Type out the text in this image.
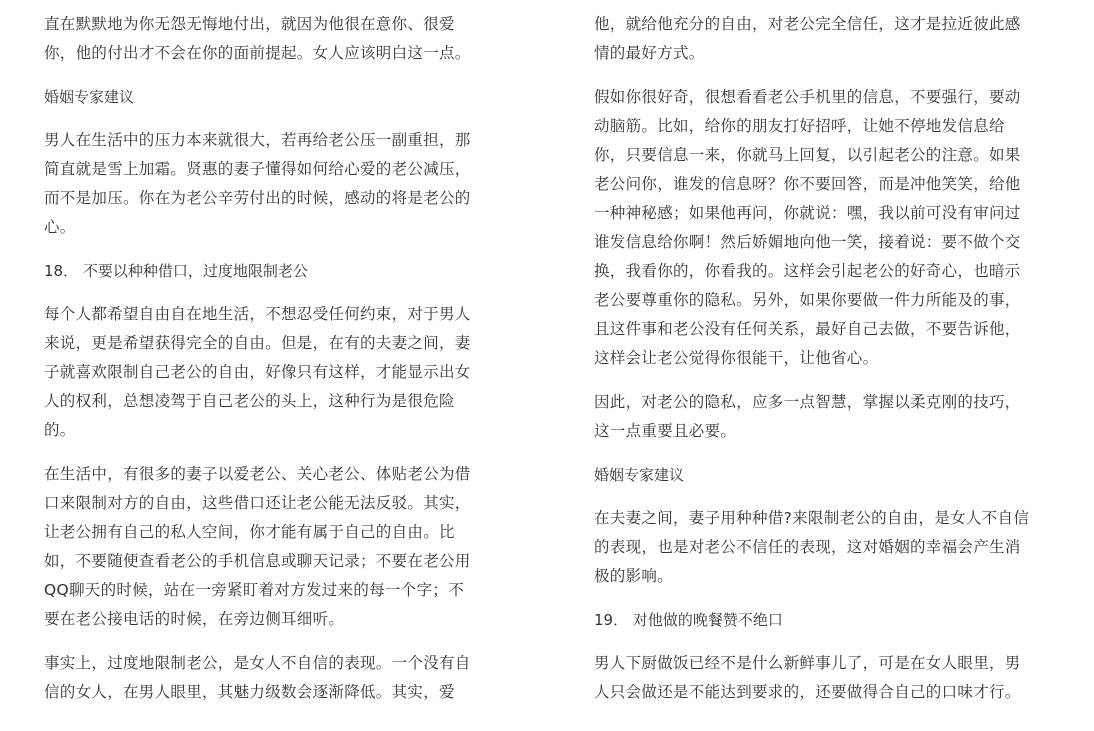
直在默默地为你无怨无悔地付出，就因为他很在意你、很爱
你，他的付出才不会在你的面前提起。女人应该明白这一点。

婚姻专家建议

男人在生活中的压力本来就很大，若再给老公压一副重担，那
简直就是雪上加霜。贤惠的妻子懂得如何给心爱的老公减压，
而不是加压。你在为老公辛劳付出的时候，感动的将是老公的
心。

18． 不要以种种借口，过度地限制老公

每个人都希望自由自在地生活，不想忍受任何约束，对于男人
来说，更是希望获得完全的自由。但是，在有的夫妻之间，妻
子就喜欢限制自己老公的自由，好像只有这样，才能显示出女
人的权利，总想凌驾于自己老公的头上，这种行为是很危险
的。

在生活中，有很多的妻子以爱老公、关心老公、体贴老公为借
口来限制对方的自由，这些借口还让老公能无法反驳。其实，
让老公拥有自己的私人空间，你才能有属于自己的自由。比
如，不要随便查看老公的手机信息或聊天记录；不要在老公用
QQ聊天的时候，站在一旁紧盯着对方发过来的每一个字；不
要在老公接电话的时候，在旁边侧耳细听。

事实上，过度地限制老公，是女人不自信的表现。一个没有自
信的女人，在男人眼里，其魅力级数会逐渐降低。其实，爱

他，就给他充分的自由，对老公完全信任，这才是拉近彼此感
情的最好方式。

假如你很好奇，很想看看老公手机里的信息，不要强行，要动
动脑筋。比如，给你的朋友打好招呼，让她不停地发信息给
你，只要信息一来，你就马上回复，以引起老公的注意。如果
老公问你，谁发的信息呀？你不要回答，而是冲他笑笑，给他
一种神秘感；如果他再问，你就说：嘿，我以前可没有审问过
谁发信息给你啊！然后娇媚地向他一笑，接着说：要不做个交
换，我看你的，你看我的。这样会引起老公的好奇心，也暗示
老公要尊重你的隐私。另外，如果你要做一件力所能及的事，
且这件事和老公没有任何关系，最好自己去做，不要告诉他，
这样会让老公觉得你很能干，让他省心。

因此，对老公的隐私，应多一点智慧，掌握以柔克刚的技巧，
这一点重要且必要。

婚姻专家建议

在夫妻之间，妻子用种种借?来限制老公的自由，是女人不自信
的表现，也是对老公不信任的表现，这对婚姻的幸福会产生消
极的影响。

19． 对他做的晚餐赞不绝口

男人下厨做饭已经不是什么新鲜事儿了，可是在女人眼里，男
人只会做还是不能达到要求的，还要做得合自己的口味才行。
